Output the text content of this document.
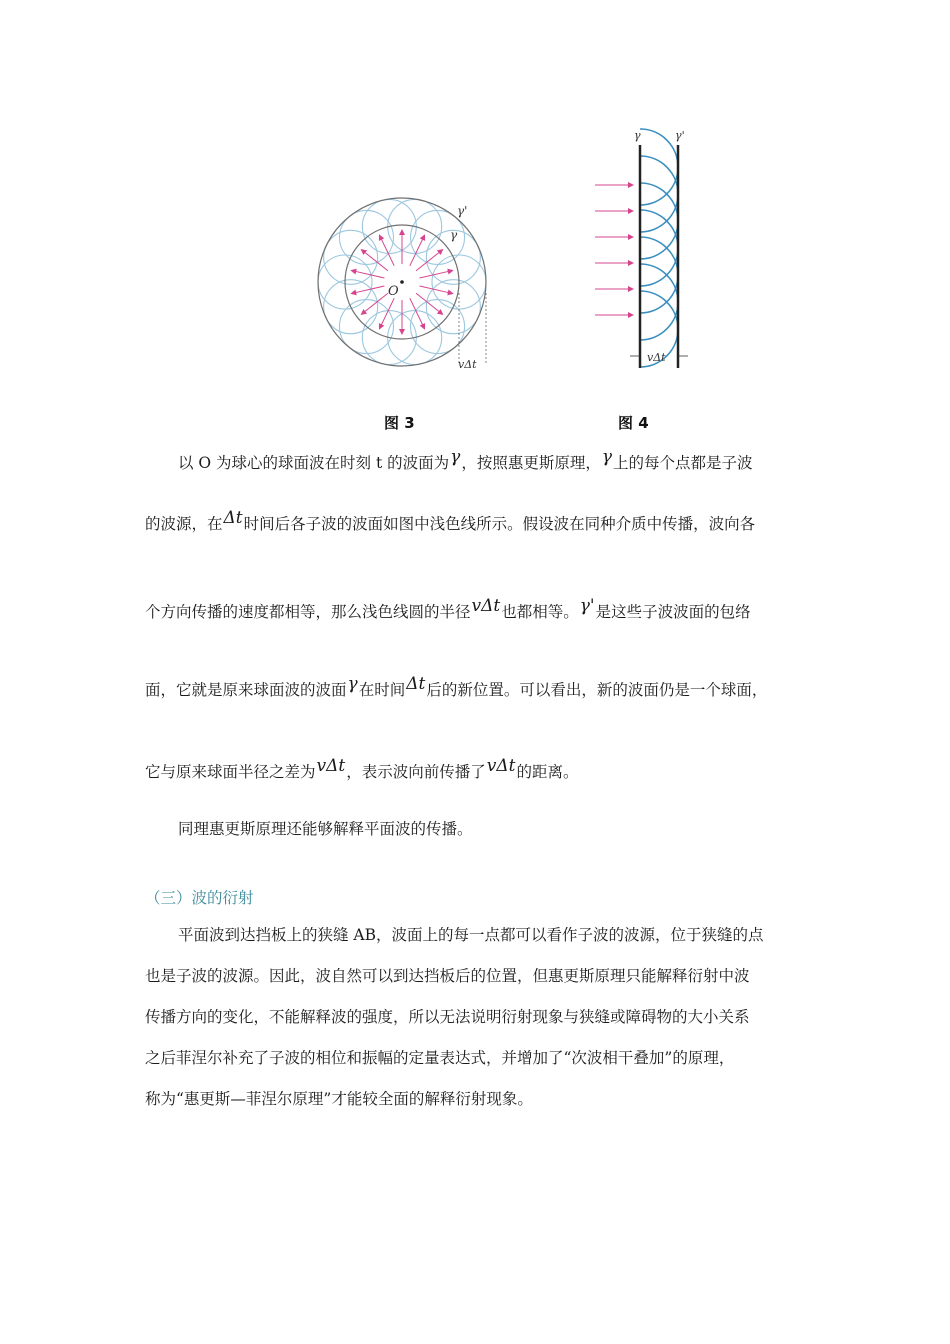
O
γ
γ'
vΔt
图 3
γ	γ'
vΔt
图 4
以 O 为球心的球面波在时刻 t 的波面为γ，按照惠更斯原理，γ上的每个点都是子波
的波源，在Δt时间后各子波的波面如图中浅色线所示。假设波在同种介质中传播，波向各
个方向传播的速度都相等，那么浅色线圆的半径vΔt也都相等。γ'是这些子波波面的包络
面，它就是原来球面波的波面γ在时间Δt后的新位置。可以看出，新的波面仍是一个球面，
它与原来球面半径之差为vΔt，表示波向前传播了vΔt的距离。
同理惠更斯原理还能够解释平面波的传播。
（三）波的衍射
平面波到达挡板上的狭缝 AB，波面上的每一点都可以看作子波的波源，位于狭缝的点
也是子波的波源。因此，波自然可以到达挡板后的位置，但惠更斯原理只能解释衍射中波
传播方向的变化，不能解释波的强度，所以无法说明衍射现象与狭缝或障碍物的大小关系
之后菲涅尔补充了子波的相位和振幅的定量表达式，并增加了“次波相干叠加”的原理，
称为“惠更斯—菲涅尔原理”才能较全面的解释衍射现象。
